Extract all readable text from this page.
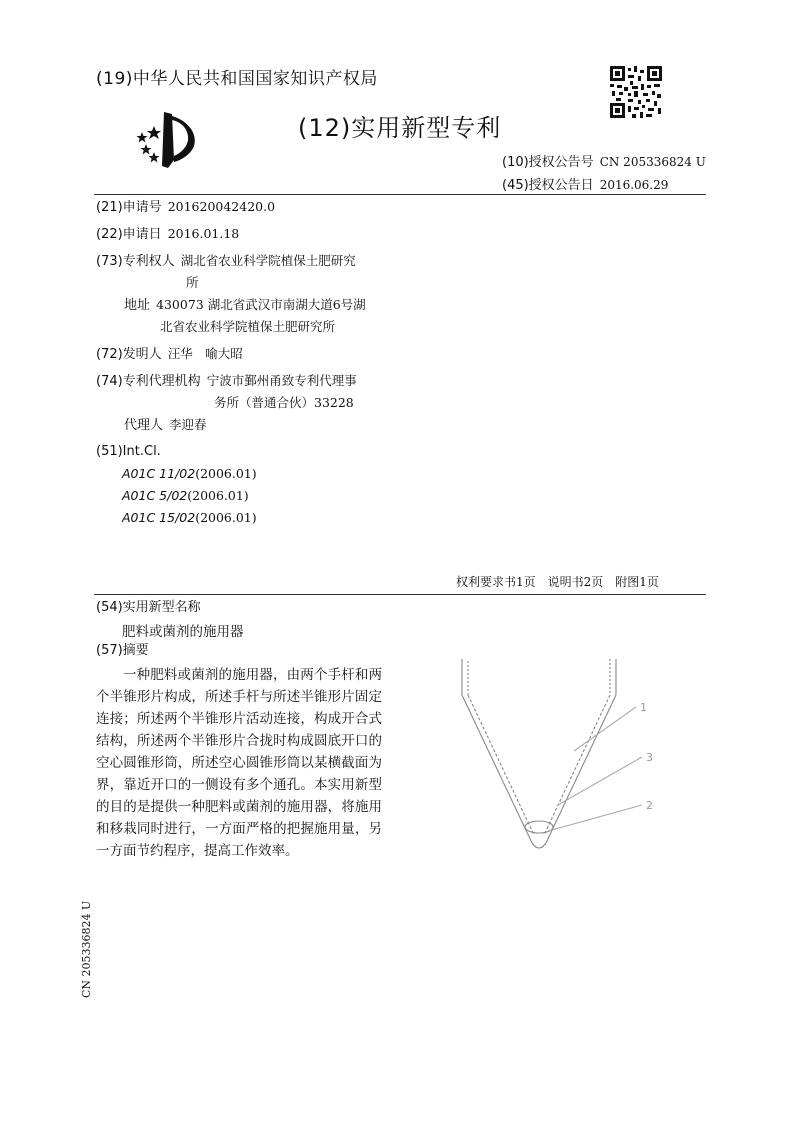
(19)中华人民共和国国家知识产权局
(12)实用新型专利
(10)授权公告号 CN 205336824 U
(45)授权公告日 2016.06.29
(21)申请号 201620042420.0
(22)申请日 2016.01.18
(73)专利权人 湖北省农业科学院植保土肥研究
所
地址 430073 湖北省武汉市南湖大道6号湖
北省农业科学院植保土肥研究所
(72)发明人 汪华　喻大昭
(74)专利代理机构 宁波市鄞州甬致专利代理事
务所（普通合伙）33228
代理人 李迎春
(51)Int.Cl.
A01C 11/02(2006.01)
A01C 5/02(2006.01)
A01C 15/02(2006.01)
权利要求书1页 说明书2页 附图1页
(54)实用新型名称
肥料或菌剂的施用器
(57)摘要
一种肥料或菌剂的施用器，由两个手杆和两个半锥形片构成，所述手杆与所述半锥形片固定连接；所述两个半锥形片活动连接，构成开合式结构，所述两个半锥形片合拢时构成圆底开口的空心圆锥形筒，所述空心圆锥形筒以某横截面为界，靠近开口的一侧设有多个通孔。本实用新型的目的是提供一种肥料或菌剂的施用器，将施用和移栽同时进行，一方面严格的把握施用量，另一方面节约程序，提高工作效率。
1
3
2
CN 205336824 U
